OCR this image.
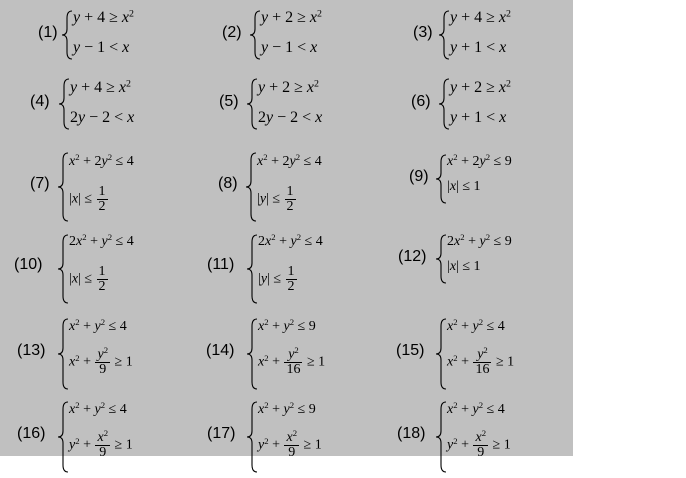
(1)
$y + 4 \ge x^2$
y − 1 < x
(2)
$y + 2 \ge x^2$
y − 1 < x
(3)
$y + 4 \ge x^2$
y + 1 < x
(4)
$y + 4 \ge x^2$
2y − 2 < x
(5)
$y + 2 \ge x^2$
2y − 2 < x
(6)
$y + 2 \ge x^2$
y + 1 < x
(7)
$x^2 + 2y^2 \le 4$
$|x| \le \frac{1}{2}$
(8)
$x^2 + 2y^2 \le 4$
$|y| \le \frac{1}{2}$
(9)
$x^2 + 2y^2 \le 9$
|x| ≤ 1
(10)
$2x^2 + y^2 \le 4$
$|x| \le \frac{1}{2}$
(11)
$2x^2 + y^2 \le 4$
$|y| \le \frac{1}{2}$
(12)
$2x^2 + y^2 \le 9$
|x| ≤ 1
(13)
$x^2 + y^2 \le 4$
$x^2 + \frac{y^2}{9} \ge 1$
(14)
$x^2 + y^2 \le 9$
$x^2 + \frac{y^2}{16} \ge 1$
(15)
$x^2 + y^2 \le 4$
$x^2 + \frac{y^2}{16} \ge 1$
(16)
$x^2 + y^2 \le 4$
$y^2 + \frac{x^2}{9} \ge 1$
(17)
$x^2 + y^2 \le 9$
$y^2 + \frac{x^2}{9} \ge 1$
(18)
$x^2 + y^2 \le 4$
$y^2 + \frac{x^2}{9} \ge 1$
